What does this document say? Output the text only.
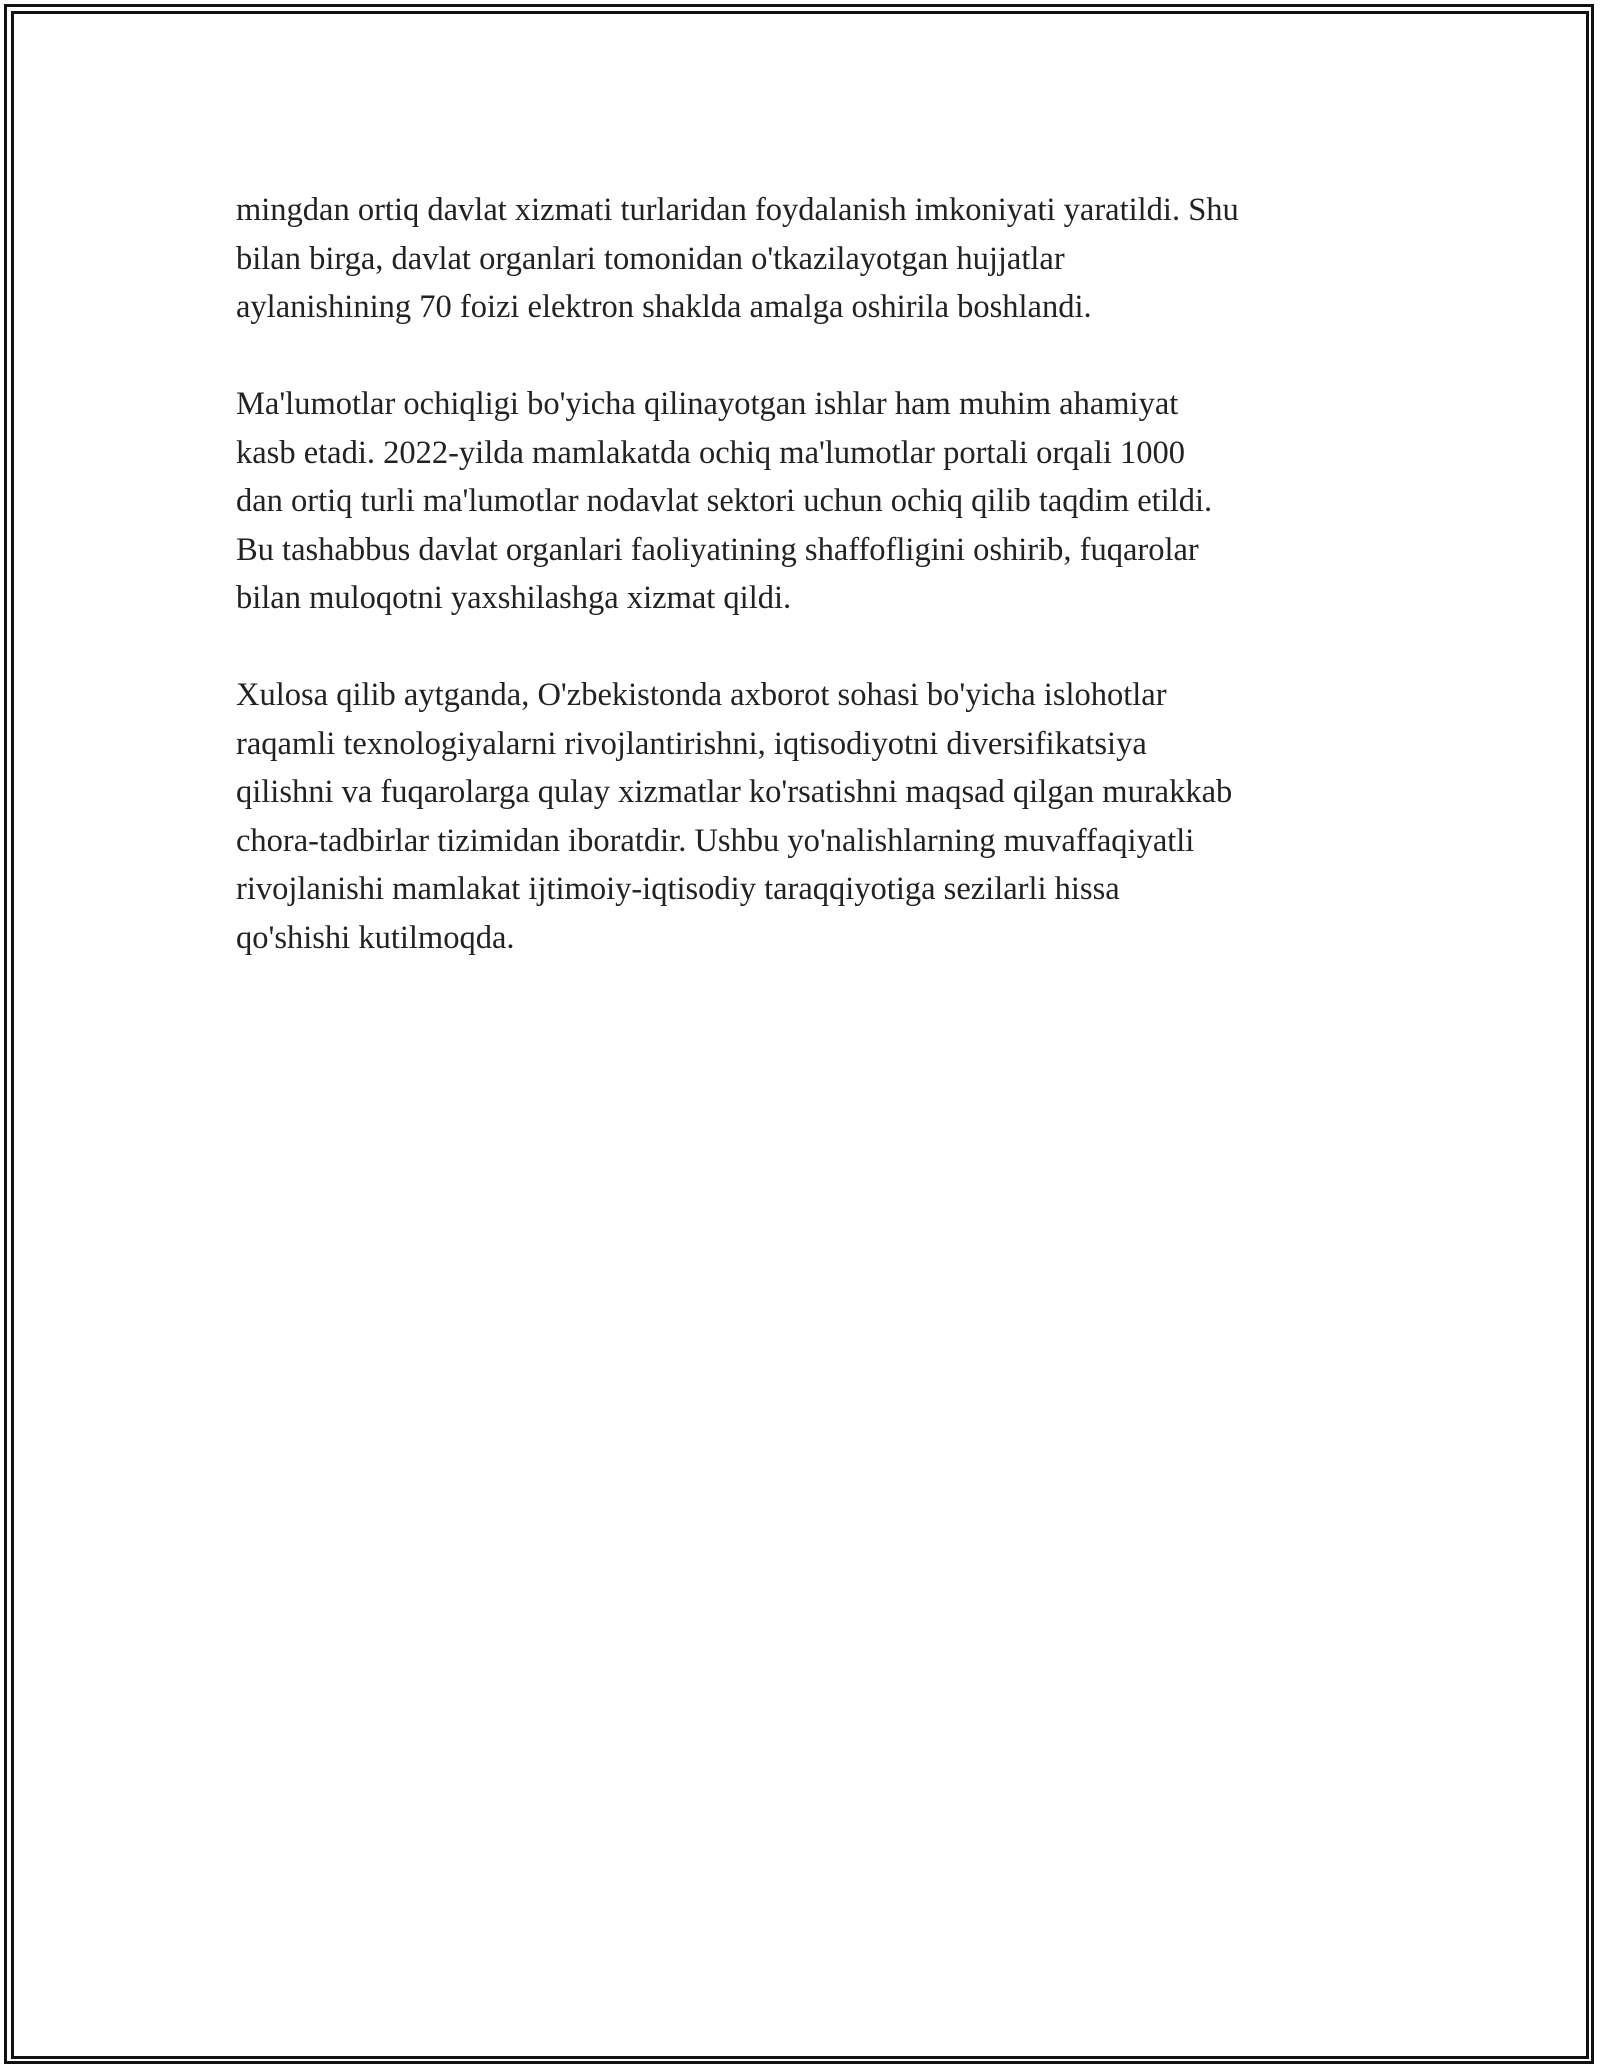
mingdan ortiq davlat xizmati turlaridan foydalanish imkoniyati yaratildi. Shu
bilan birga, davlat organlari tomonidan o'tkazilayotgan hujjatlar
aylanishining 70 foizi elektron shaklda amalga oshirila boshlandi.

Ma'lumotlar ochiqligi bo'yicha qilinayotgan ishlar ham muhim ahamiyat
kasb etadi. 2022-yilda mamlakatda ochiq ma'lumotlar portali orqali 1000
dan ortiq turli ma'lumotlar nodavlat sektori uchun ochiq qilib taqdim etildi.
Bu tashabbus davlat organlari faoliyatining shaffofligini oshirib, fuqarolar
bilan muloqotni yaxshilashga xizmat qildi.

Xulosa qilib aytganda, O'zbekistonda axborot sohasi bo'yicha islohotlar
raqamli texnologiyalarni rivojlantirishni, iqtisodiyotni diversifikatsiya
qilishni va fuqarolarga qulay xizmatlar ko'rsatishni maqsad qilgan murakkab
chora-tadbirlar tizimidan iboratdir. Ushbu yo'nalishlarning muvaffaqiyatli
rivojlanishi mamlakat ijtimoiy-iqtisodiy taraqqiyotiga sezilarli hissa
qo'shishi kutilmoqda.
